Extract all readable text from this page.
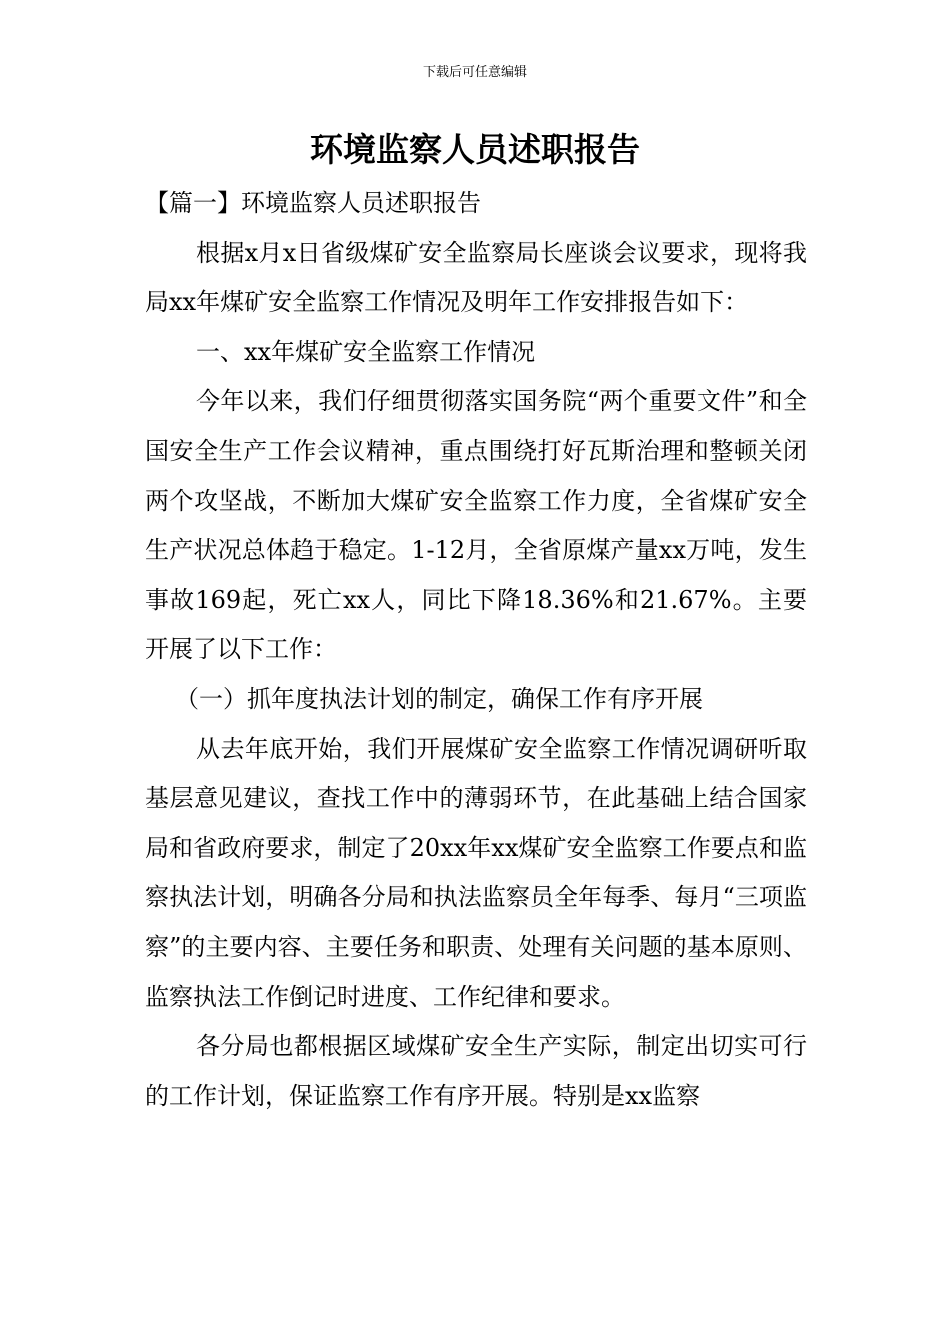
下载后可任意编辑
环境监察人员述职报告

【篇一】环境监察人员述职报告

根据x月x日省级煤矿安全监察局长座谈会议要求，现将我局xx年煤矿安全监察工作情况及明年工作安排报告如下：

一、xx年煤矿安全监察工作情况

今年以来，我们仔细贯彻落实国务院“两个重要文件”和全国安全生产工作会议精神，重点围绕打好瓦斯治理和整顿关闭两个攻坚战，不断加大煤矿安全监察工作力度，全省煤矿安全生产状况总体趋于稳定。1-12月，全省原煤产量xx万吨，发生事故169起，死亡xx人，同比下降18.36%和21.67%。主要开展了以下工作：

（一）抓年度执法计划的制定，确保工作有序开展

从去年底开始，我们开展煤矿安全监察工作情况调研听取基层意见建议，查找工作中的薄弱环节，在此基础上结合国家局和省政府要求，制定了20xx年xx煤矿安全监察工作要点和监察执法计划，明确各分局和执法监察员全年每季、每月“三项监察”的主要内容、主要任务和职责、处理有关问题的基本原则、监察执法工作倒记时进度、工作纪律和要求。

各分局也都根据区域煤矿安全生产实际，制定出切实可行的工作计划，保证监察工作有序开展。特别是xx监察
